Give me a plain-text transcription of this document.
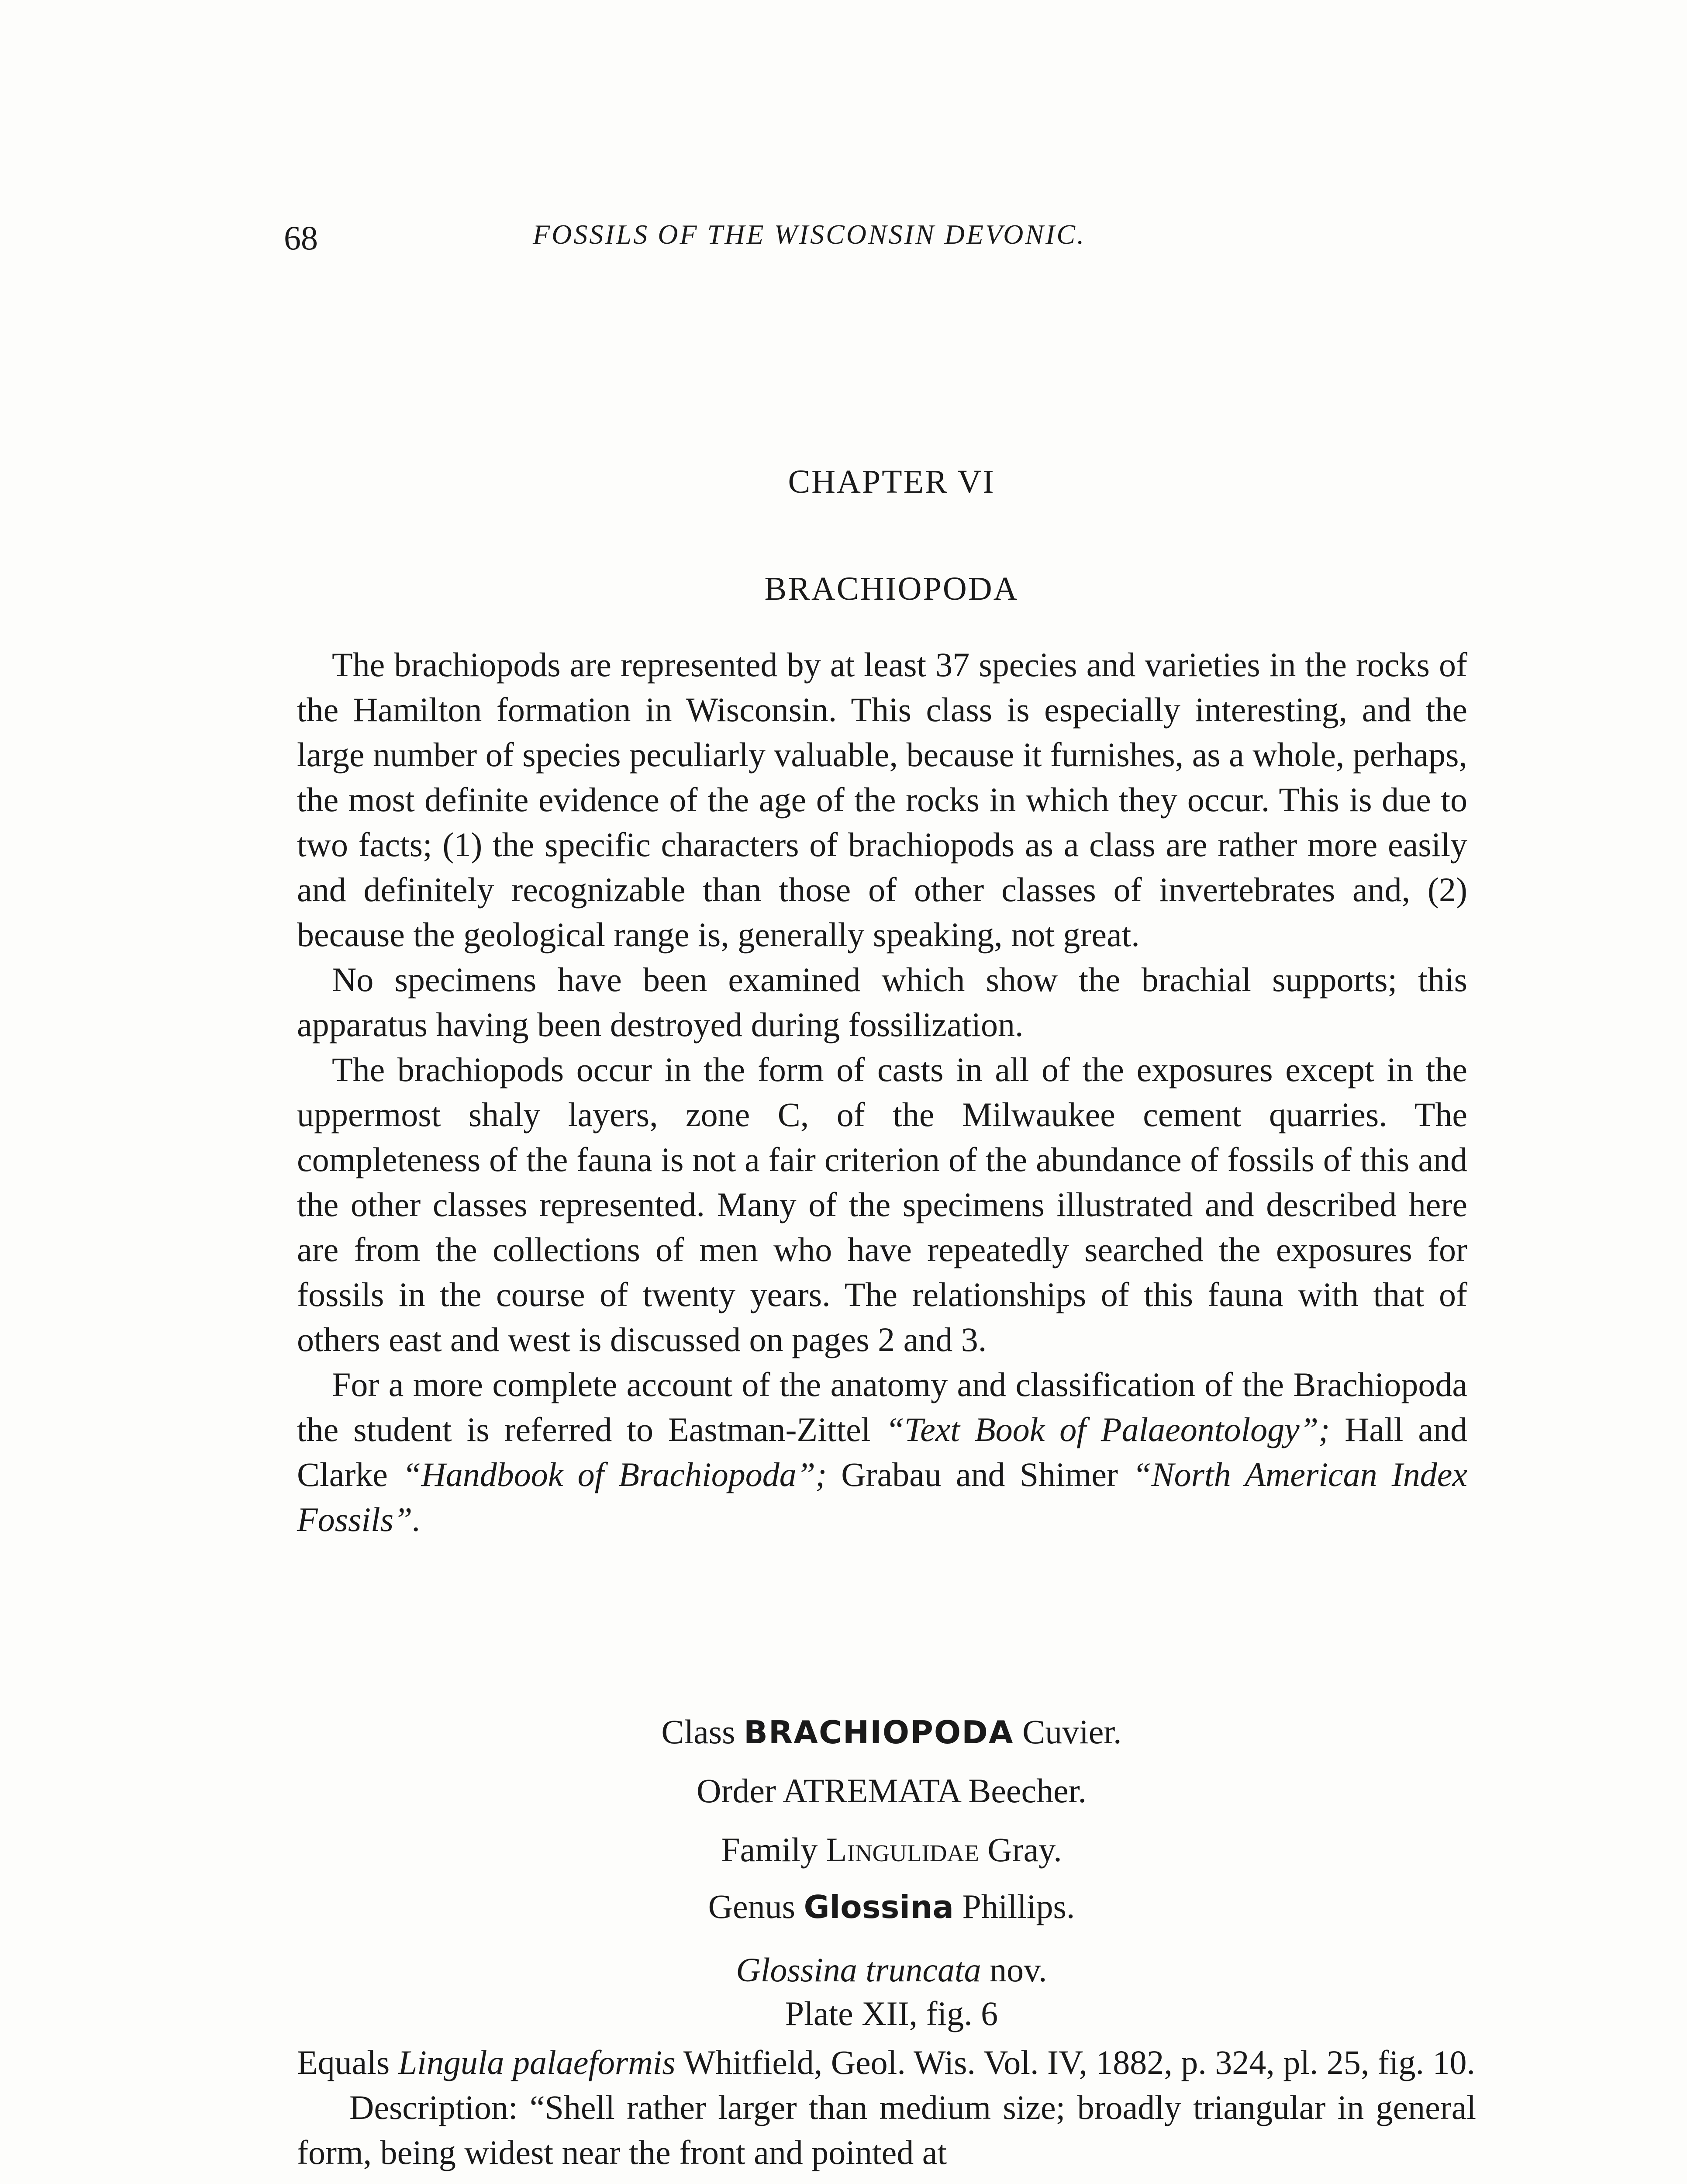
68	FOSSILS OF THE WISCONSIN DEVONIC.
CHAPTER VI
BRACHIOPODA

The brachiopods are represented by at least 37 species and varieties in the rocks of the Hamilton formation in Wisconsin. This class is especially interesting, and the large number of species peculiarly valuable, because it furnishes, as a whole, perhaps, the most definite evidence of the age of the rocks in which they occur. This is due to two facts; (1) the specific characters of brachiopods as a class are rather more easily and definitely recognizable than those of other classes of invertebrates and, (2) because the geological range is, generally speaking, not great.

No specimens have been examined which show the brachial supports; this apparatus having been destroyed during fossilization.

The brachiopods occur in the form of casts in all of the exposures except in the uppermost shaly layers, zone C, of the Milwaukee cement quarries. The completeness of the fauna is not a fair criterion of the abundance of fossils of this and the other classes represented. Many of the specimens illustrated and described here are from the collections of men who have repeatedly searched the exposures for fossils in the course of twenty years. The relationships of this fauna with that of others east and west is discussed on pages 2 and 3.

For a more complete account of the anatomy and classification of the Brachiopoda the student is referred to Eastman-Zittel “Text Book of Palaeontology”; Hall and Clarke “Handbook of Brachiopoda”; Grabau and Shimer “North American Index Fossils”.

Class BRACHIOPODA Cuvier.
Order ATREMATA Beecher.
Family Lingulidae Gray.
Genus Glossina Phillips.
Glossina truncata nov.
Plate XII, fig. 6

Equals Lingula palaeformis Whitfield, Geol. Wis. Vol. IV, 1882, p. 324, pl. 25, fig. 10.

Description: “Shell rather larger than medium size; broadly triangular in general form, being widest near the front and pointed at
